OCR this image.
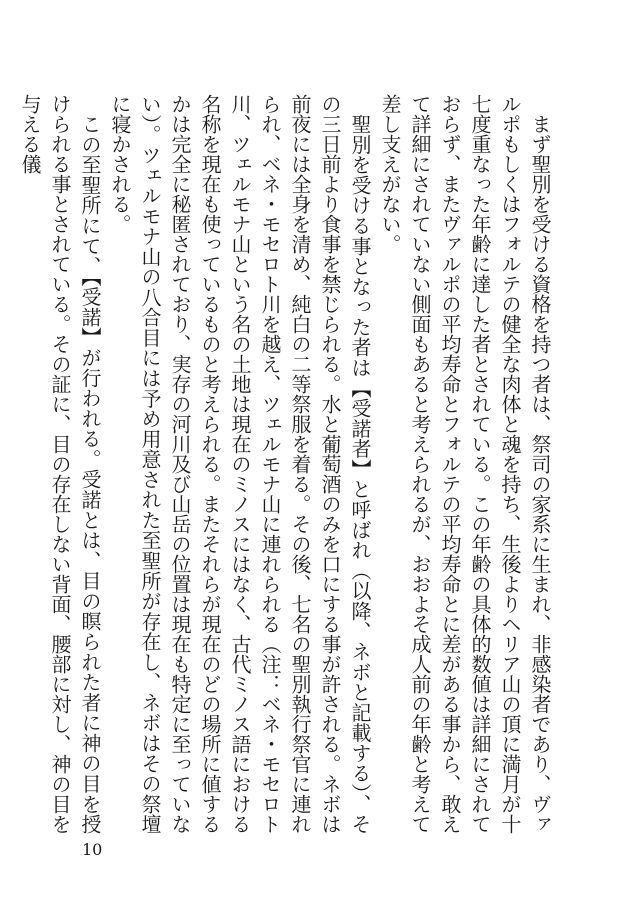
まず聖別を受ける資格を持つ者は、祭司の家系に生まれ、非感染者であり、ヴァルポもしくはフォルテの健全な肉体と魂を持ち、生後よりヘリア山の頂に満月が十七度重なった年齢に達した者とされている。この年齢の具体的数値は詳細にされておらず、またヴァルポの平均寿命とフォルテの平均寿命とに差がある事から、敢えて詳細にされていない側面もあると考えられるが、おおよそ成人前の年齢と考えて差し支えがない。

聖別を受ける事となった者は【受諾者】と呼ばれ（以降、ネボと記載する）、その三日前より食事を禁じられる。水と葡萄酒のみを口にする事が許される。ネボは前夜には全身を清め、純白の二等祭服を着る。その後、七名の聖別執行祭官に連れられ、ベネ・モセロト川を越え、ツェルモナ山に連れられる（注：ベネ・モセロト川、ツェルモナ山という名の土地は現在のミノスにはなく、古代ミノス語における名称を現在も使っているものと考えられる。またそれらが現在のどの場所に値するかは完全に秘匿されており、実存の河川及び山岳の位置は現在も特定に至っていない）。ツェルモナ山の八合目には予め用意された至聖所が存在し、ネボはその祭壇に寝かされる。

この至聖所にて、【受諾】が行われる。受諾とは、目の瞑られた者に神の目を授けられる事とされている。その証に、目の存在しない背面、腰部に対し、神の目を与える儀

10
